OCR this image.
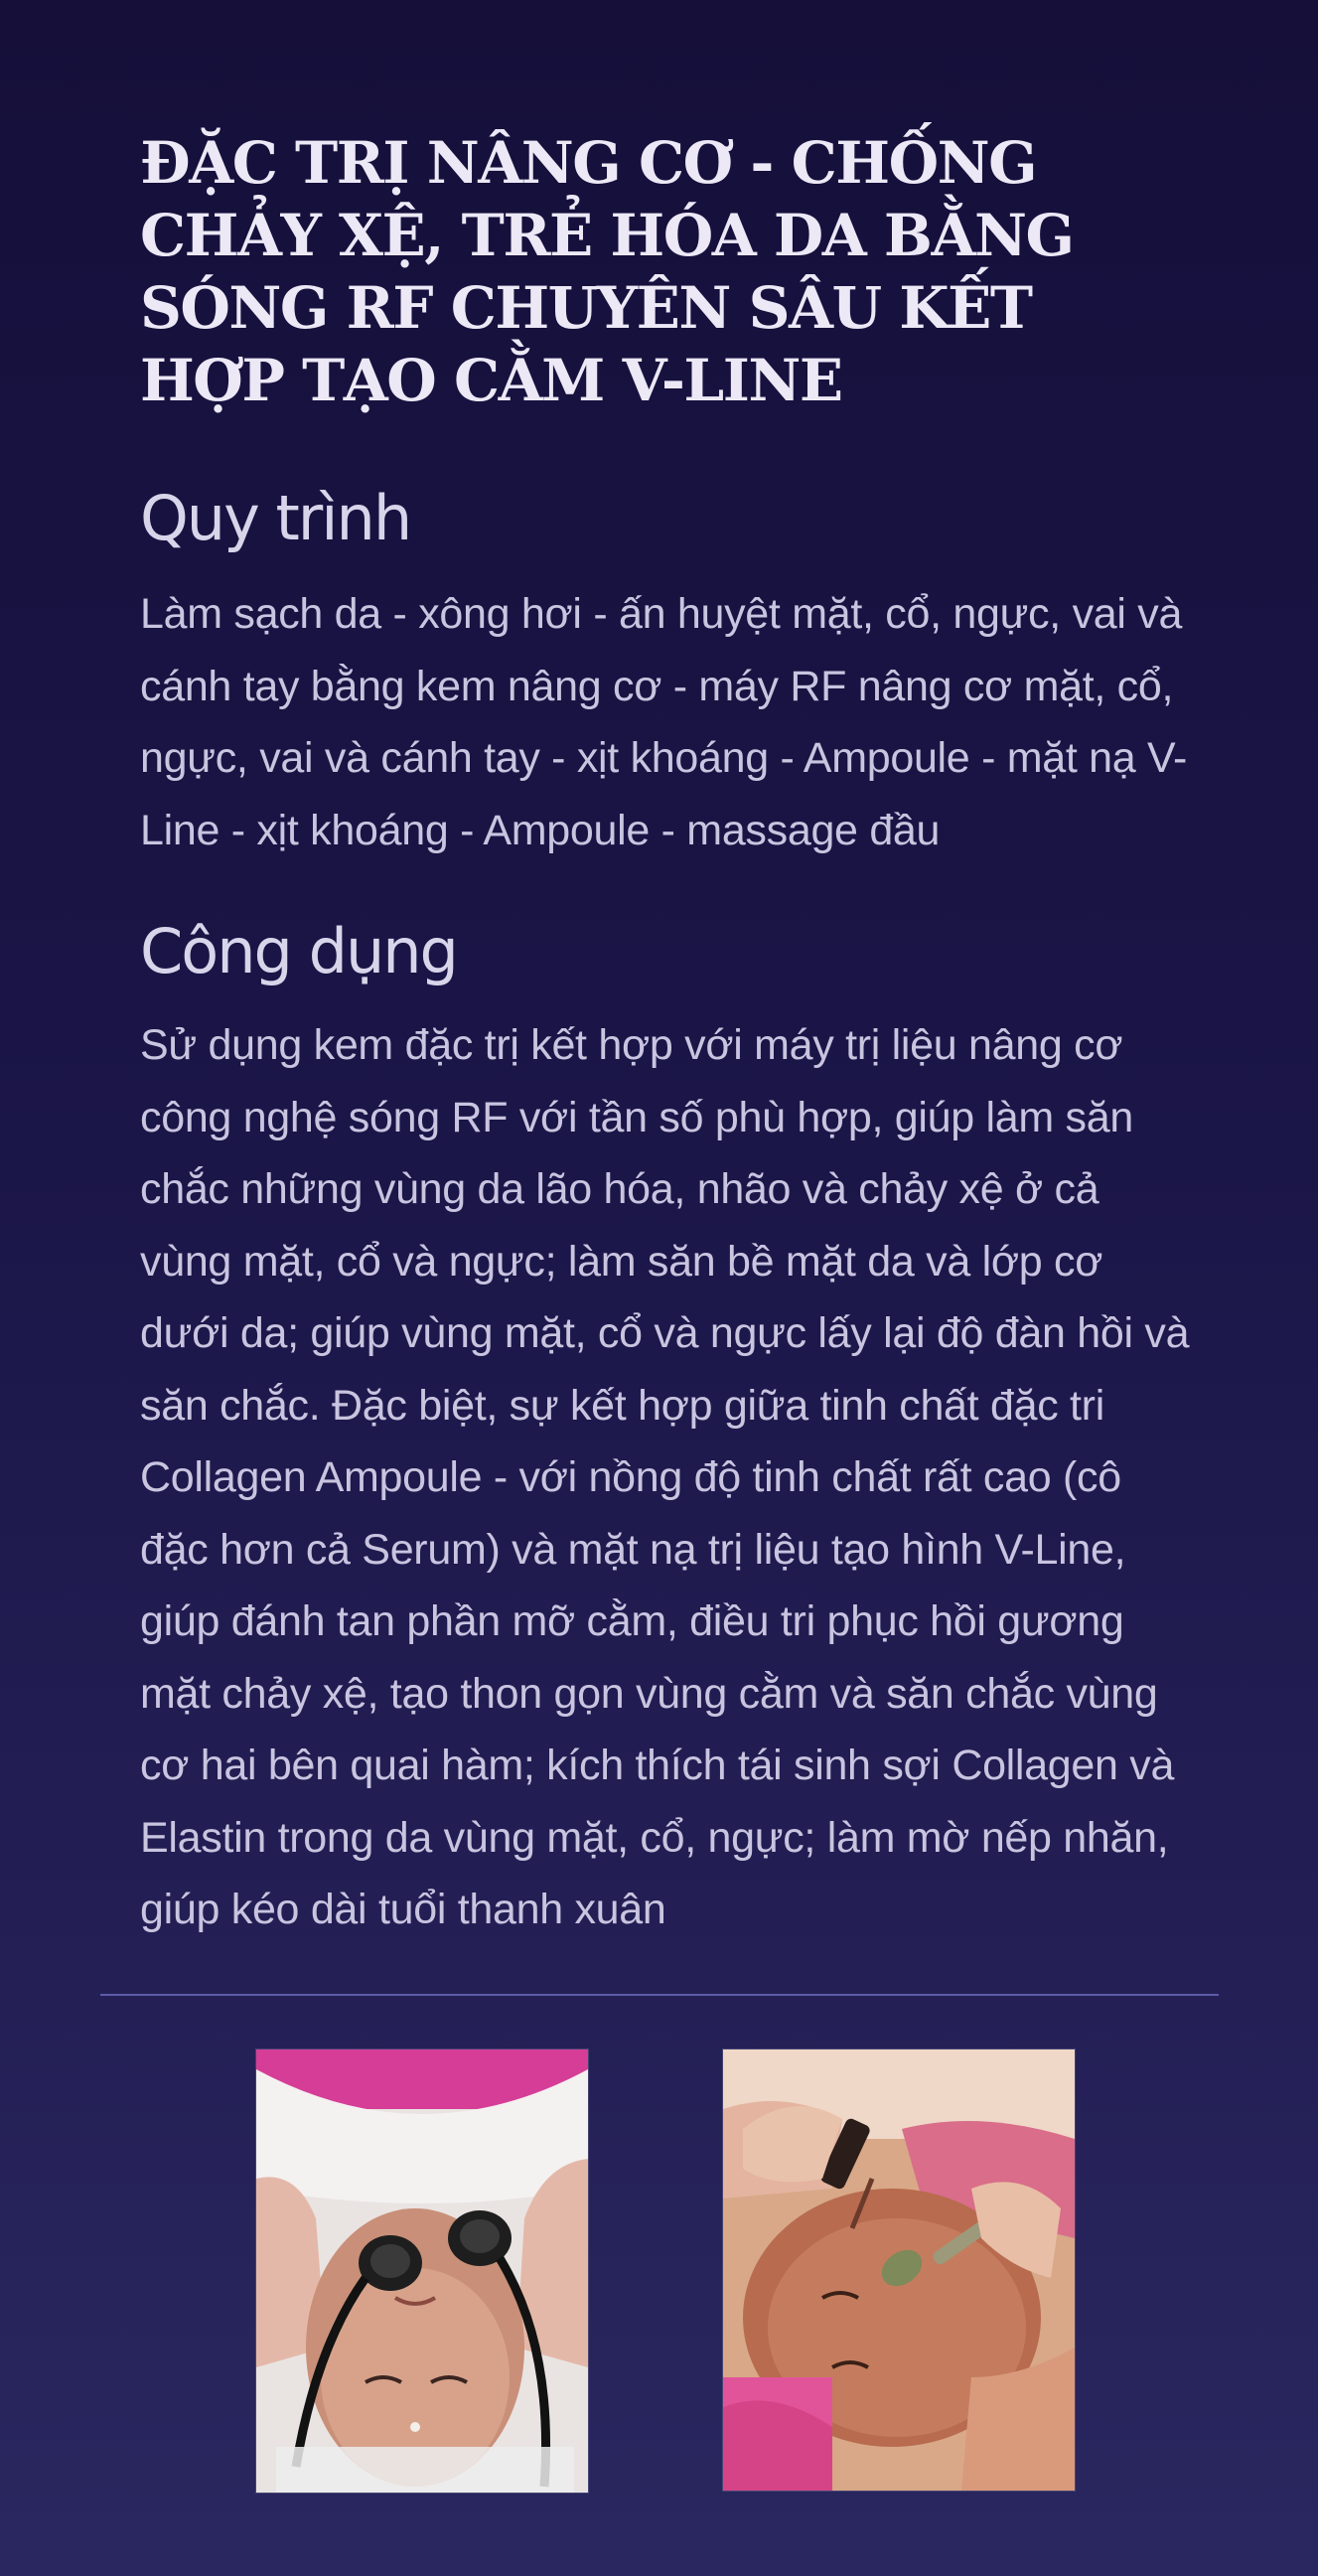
ĐẶC TRỊ NÂNG CƠ - CHỐNG CHẢY XỆ, TRẺ HÓA DA BẰNG SÓNG RF CHUYÊN SÂU KẾT HỢP TẠO CẰM V-LINE
Quy trình

Làm sạch da - xông hơi - ấn huyệt mặt, cổ, ngực, vai và cánh tay bằng kem nâng cơ - máy RF nâng cơ mặt, cổ, ngực, vai và cánh tay - xịt khoáng - Ampoule - mặt nạ V-Line - xịt khoáng - Ampoule - massage đầu

Công dụng

Sử dụng kem đặc trị kết hợp với máy trị liệu nâng cơ công nghệ sóng RF với tần số phù hợp, giúp làm săn chắc những vùng da lão hóa, nhão và chảy xệ ở cả vùng mặt, cổ và ngực; làm săn bề mặt da và lớp cơ dưới da; giúp vùng mặt, cổ và ngực lấy lại độ đàn hồi và săn chắc. Đặc biệt, sự kết hợp giữa tinh chất đặc tri Collagen Ampoule - với nồng độ tinh chất rất cao (cô đặc hơn cả Serum) và mặt nạ trị liệu tạo hình V-Line, giúp đánh tan phần mỡ cằm, điều tri phục hồi gương mặt chảy xệ, tạo thon gọn vùng cằm và săn chắc vùng cơ hai bên quai hàm; kích thích tái sinh sợi Collagen và Elastin trong da vùng mặt, cổ, ngực; làm mờ nếp nhăn, giúp kéo dài tuổi thanh xuân
